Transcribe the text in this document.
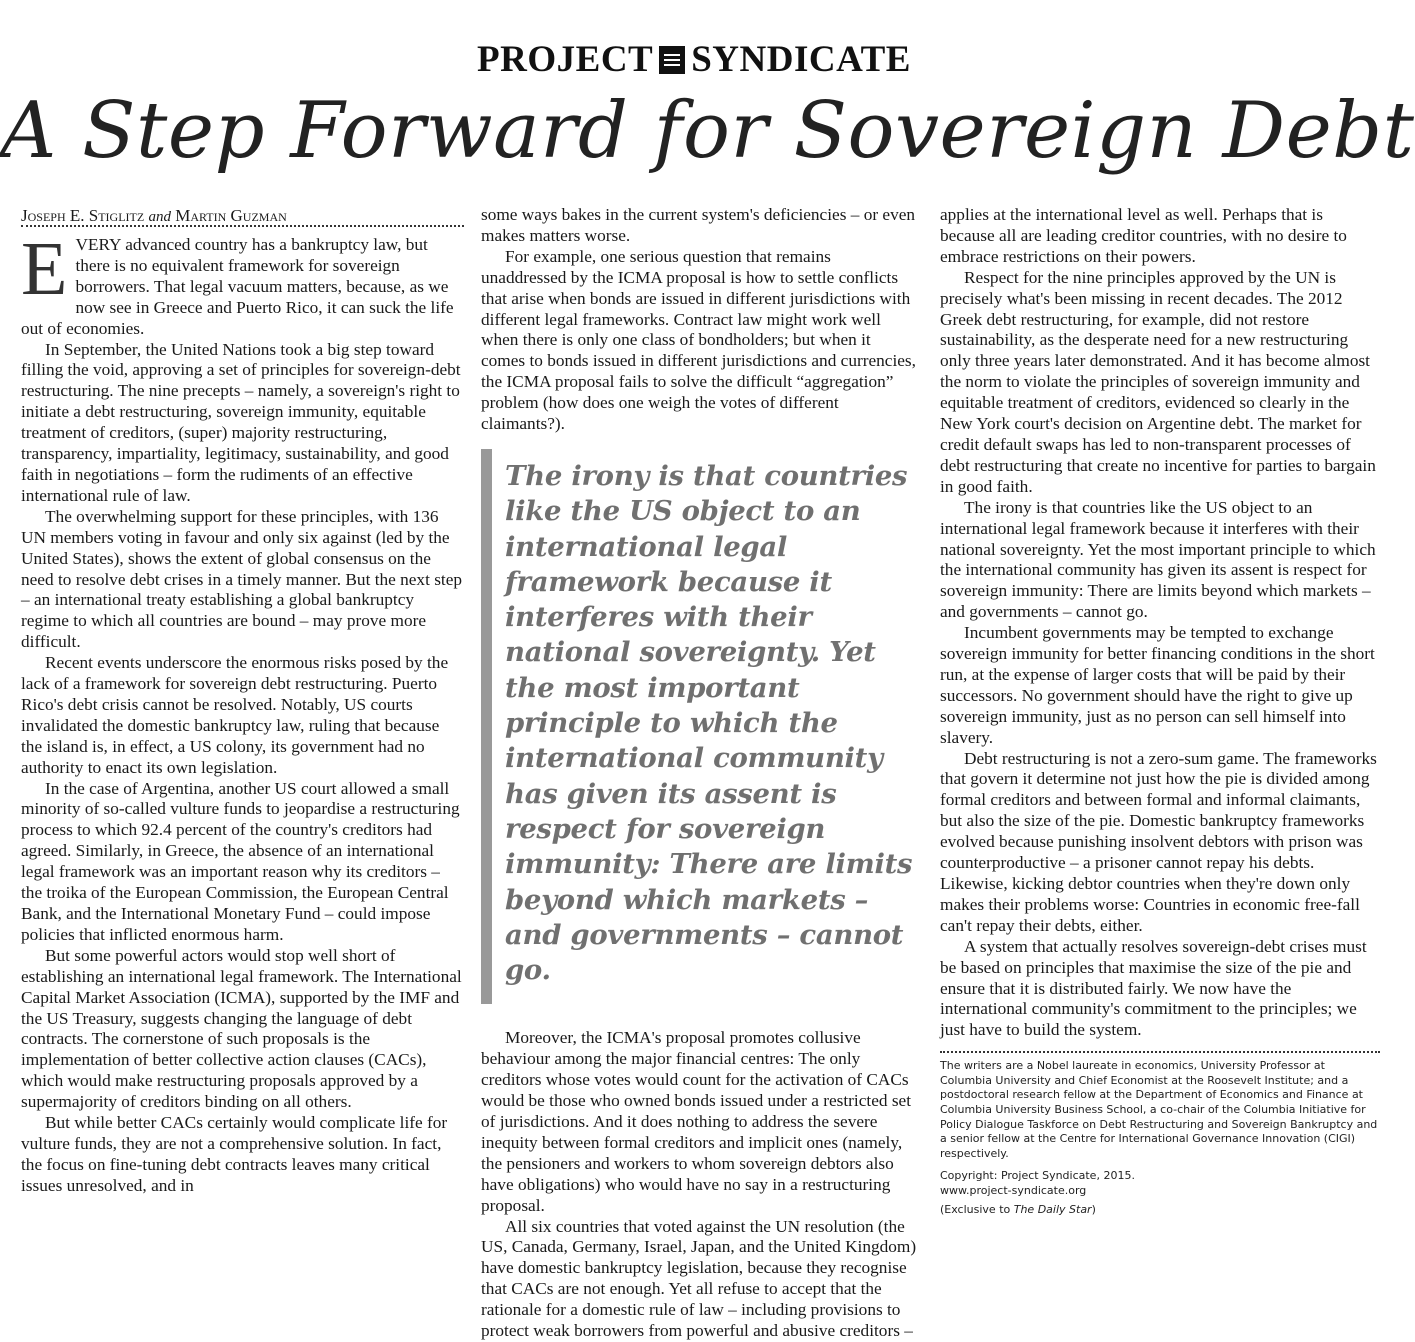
PROJECT SYNDICATE
A Step Forward for Sovereign Debt
Joseph E. Stiglitz and Martin Guzman

EVERY advanced country has a bankruptcy law, but there is no equivalent framework for sovereign borrowers. That legal vacuum matters, because, as we now see in Greece and Puerto Rico, it can suck the life out of economies.

In September, the United Nations took a big step toward filling the void, approving a set of principles for sovereign-debt restructuring. The nine precepts – namely, a sovereign's right to initiate a debt restructuring, sovereign immunity, equitable treatment of creditors, (super) majority restructuring, transparency, impartiality, legitimacy, sustainability, and good faith in negotiations – form the rudiments of an effective international rule of law.

The overwhelming support for these principles, with 136 UN members voting in favour and only six against (led by the United States), shows the extent of global consensus on the need to resolve debt crises in a timely manner. But the next step – an international treaty establishing a global bankruptcy regime to which all countries are bound – may prove more difficult.

Recent events underscore the enormous risks posed by the lack of a framework for sovereign debt restructuring. Puerto Rico's debt crisis cannot be resolved. Notably, US courts invalidated the domestic bankruptcy law, ruling that because the island is, in effect, a US colony, its government had no authority to enact its own legislation.

In the case of Argentina, another US court allowed a small minority of so-called vulture funds to jeopardise a restructuring process to which 92.4 percent of the country's creditors had agreed. Similarly, in Greece, the absence of an international legal framework was an important reason why its creditors – the troika of the European Commission, the European Central Bank, and the International Monetary Fund – could impose policies that inflicted enormous harm.

But some powerful actors would stop well short of establishing an international legal framework. The International Capital Market Association (ICMA), supported by the IMF and the US Treasury, suggests changing the language of debt contracts. The cornerstone of such proposals is the implementation of better collective action clauses (CACs), which would make restructuring proposals approved by a supermajority of creditors binding on all others.

But while better CACs certainly would complicate life for vulture funds, they are not a comprehensive solution. In fact, the focus on fine-tuning debt contracts leaves many critical issues unresolved, and in

some ways bakes in the current system's deficiencies – or even makes matters worse.

For example, one serious question that remains unaddressed by the ICMA proposal is how to settle conflicts that arise when bonds are issued in different jurisdictions with different legal frameworks. Contract law might work well when there is only one class of bondholders; but when it comes to bonds issued in different jurisdictions and currencies, the ICMA proposal fails to solve the difficult “aggregation” problem (how does one weigh the votes of different claimants?).

The irony is that countries like the US object to an international legal framework because it interferes with their national sovereignty. Yet the most important principle to which the international community has given its assent is respect for sovereign immunity: There are limits beyond which markets – and governments – cannot go.

Moreover, the ICMA's proposal promotes collusive behaviour among the major financial centres: The only creditors whose votes would count for the activation of CACs would be those who owned bonds issued under a restricted set of jurisdictions. And it does nothing to address the severe inequity between formal creditors and implicit ones (namely, the pensioners and workers to whom sovereign debtors also have obligations) who would have no say in a restructuring proposal.

All six countries that voted against the UN resolution (the US, Canada, Germany, Israel, Japan, and the United Kingdom) have domestic bankruptcy legislation, because they recognise that CACs are not enough. Yet all refuse to accept that the rationale for a domestic rule of law – including provisions to protect weak borrowers from powerful and abusive creditors –

applies at the international level as well. Perhaps that is because all are leading creditor countries, with no desire to embrace restrictions on their powers.

Respect for the nine principles approved by the UN is precisely what's been missing in recent decades. The 2012 Greek debt restructuring, for example, did not restore sustainability, as the desperate need for a new restructuring only three years later demonstrated. And it has become almost the norm to violate the principles of sovereign immunity and equitable treatment of creditors, evidenced so clearly in the New York court's decision on Argentine debt. The market for credit default swaps has led to non-transparent processes of debt restructuring that create no incentive for parties to bargain in good faith.

The irony is that countries like the US object to an international legal framework because it interferes with their national sovereignty. Yet the most important principle to which the international community has given its assent is respect for sovereign immunity: There are limits beyond which markets – and governments – cannot go.

Incumbent governments may be tempted to exchange sovereign immunity for better financing conditions in the short run, at the expense of larger costs that will be paid by their successors. No government should have the right to give up sovereign immunity, just as no person can sell himself into slavery.

Debt restructuring is not a zero-sum game. The frameworks that govern it determine not just how the pie is divided among formal creditors and between formal and informal claimants, but also the size of the pie. Domestic bankruptcy frameworks evolved because punishing insolvent debtors with prison was counterproductive – a prisoner cannot repay his debts. Likewise, kicking debtor countries when they're down only makes their problems worse: Countries in economic free-fall can't repay their debts, either.

A system that actually resolves sovereign-debt crises must be based on principles that maximise the size of the pie and ensure that it is distributed fairly. We now have the international community's commitment to the principles; we just have to build the system.

The writers are a Nobel laureate in economics, University Professor at Columbia University and Chief Economist at the Roosevelt Institute; and a postdoctoral research fellow at the Department of Economics and Finance at Columbia University Business School, a co-chair of the Columbia Initiative for Policy Dialogue Taskforce on Debt Restructuring and Sovereign Bankruptcy and a senior fellow at the Centre for International Governance Innovation (CIGI) respectively.

Copyright: Project Syndicate, 2015.

www.project-syndicate.org

(Exclusive to The Daily Star)
